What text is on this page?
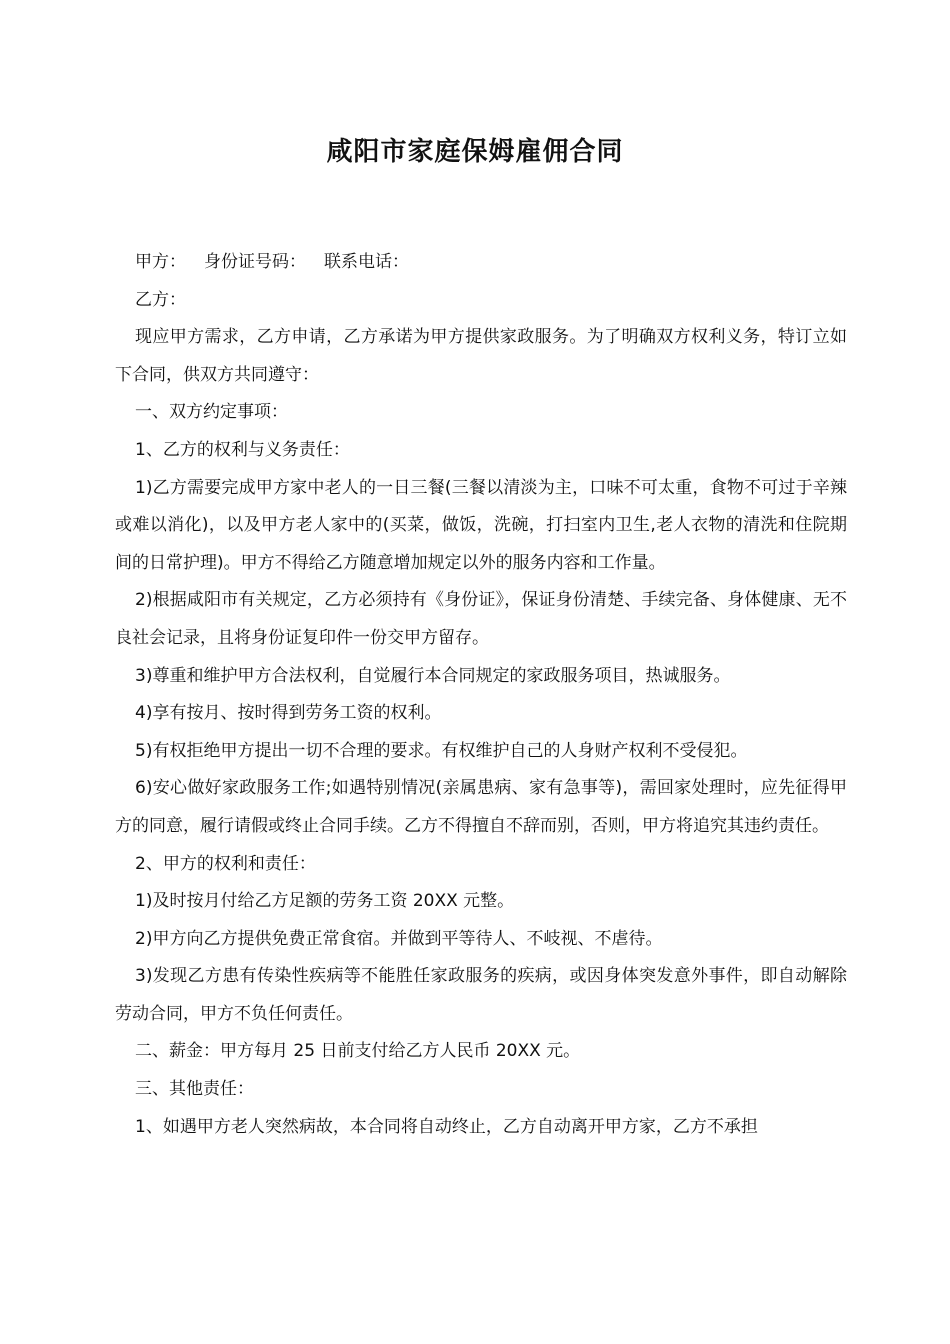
咸阳市家庭保姆雇佣合同

甲方： 身份证号码： 联系电话：

乙方：

现应甲方需求，乙方申请，乙方承诺为甲方提供家政服务。为了明确双方权利义务，特订立如下合同，供双方共同遵守：

一、双方约定事项：

1、乙方的权利与义务责任：

1)乙方需要完成甲方家中老人的一日三餐(三餐以清淡为主，口味不可太重，食物不可过于辛辣或难以消化)，以及甲方老人家中的(买菜，做饭，洗碗，打扫室内卫生,老人衣物的清洗和住院期间的日常护理)。甲方不得给乙方随意增加规定以外的服务内容和工作量。

2)根据咸阳市有关规定，乙方必须持有《身份证》，保证身份清楚、手续完备、身体健康、无不良社会记录，且将身份证复印件一份交甲方留存。

3)尊重和维护甲方合法权利，自觉履行本合同规定的家政服务项目，热诚服务。

4)享有按月、按时得到劳务工资的权利。

5)有权拒绝甲方提出一切不合理的要求。有权维护自己的人身财产权利不受侵犯。

6)安心做好家政服务工作;如遇特别情况(亲属患病、家有急事等)，需回家处理时，应先征得甲方的同意，履行请假或终止合同手续。乙方不得擅自不辞而别，否则，甲方将追究其违约责任。

2、甲方的权利和责任：

1)及时按月付给乙方足额的劳务工资 20XX 元整。

2)甲方向乙方提供免费正常食宿。并做到平等待人、不岐视、不虐待。

3)发现乙方患有传染性疾病等不能胜任家政服务的疾病，或因身体突发意外事件，即自动解除劳动合同，甲方不负任何责任。

二、薪金：甲方每月 25 日前支付给乙方人民币 20XX 元。

三、其他责任：

1、如遇甲方老人突然病故，本合同将自动终止，乙方自动离开甲方家，乙方不承担
